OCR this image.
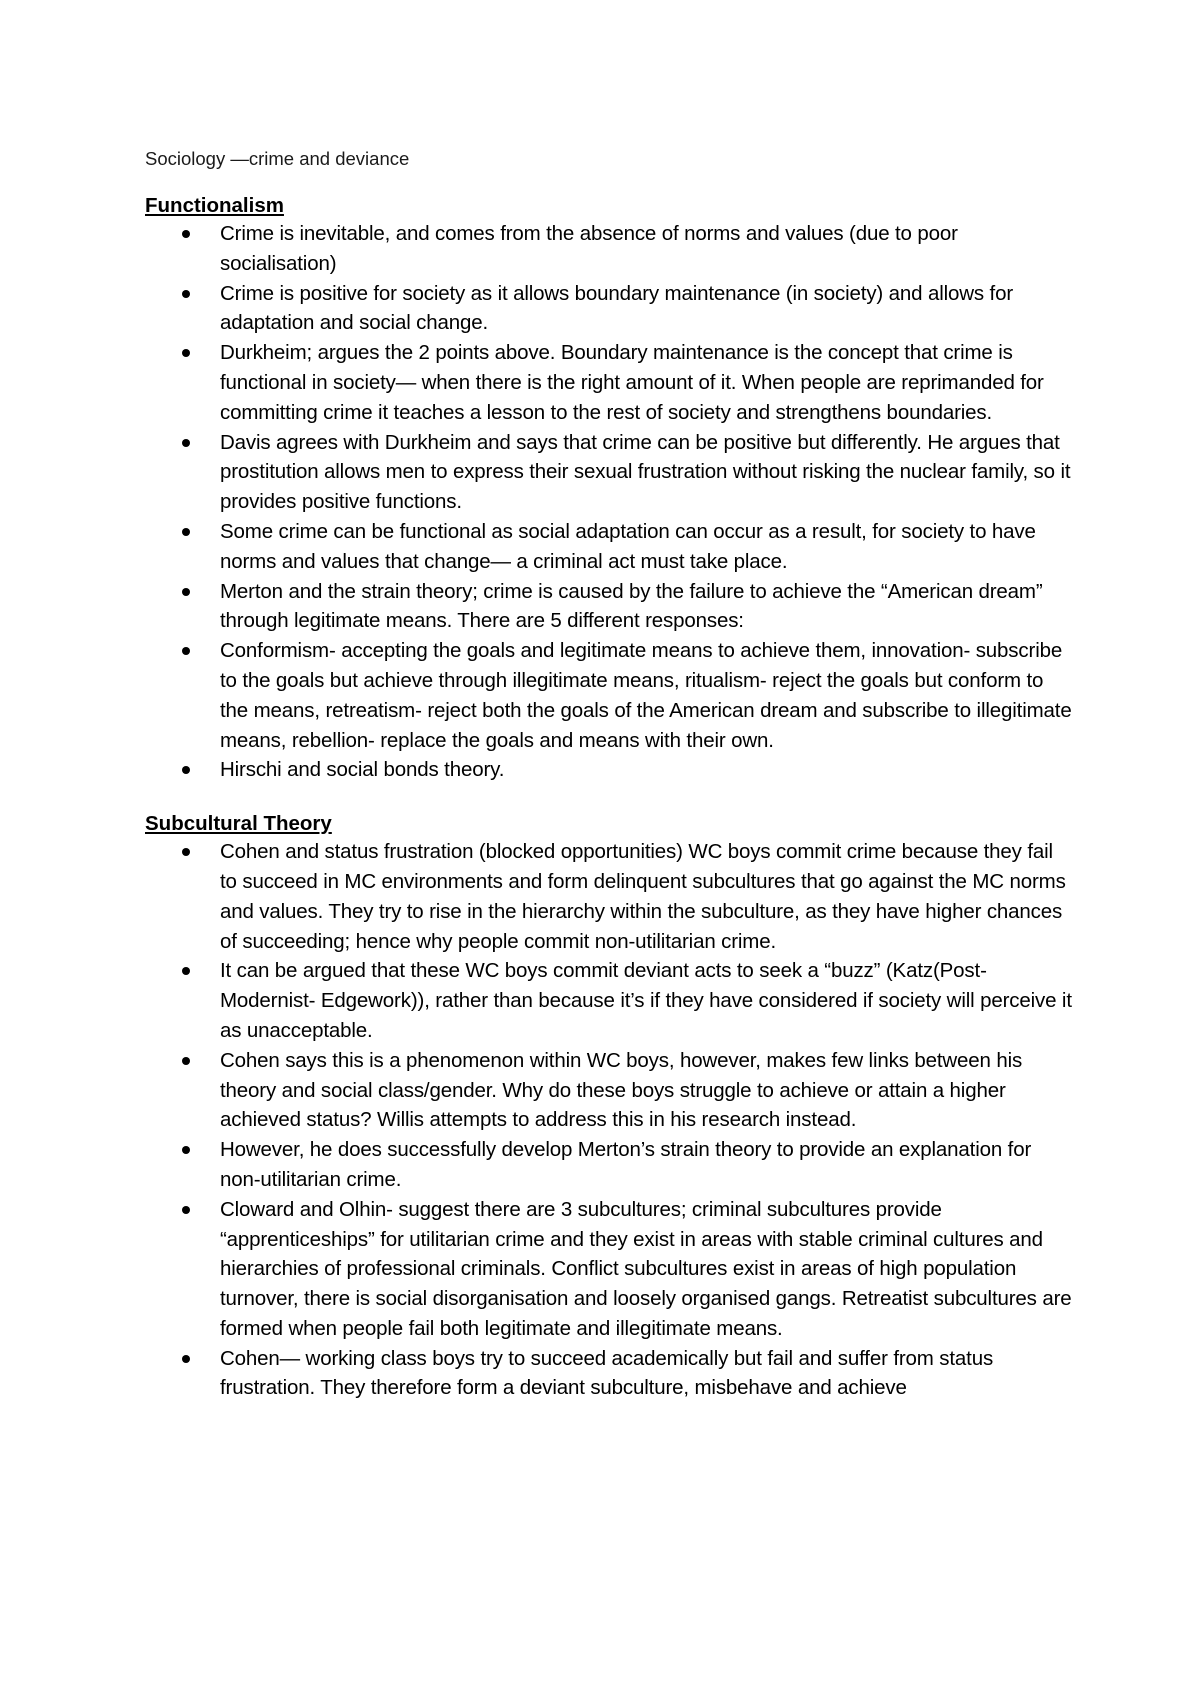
Sociology —crime and deviance
Functionalism
Crime is inevitable, and comes from the absence of norms and values (due to poor socialisation)
Crime is positive for society as it allows boundary maintenance (in society) and allows for adaptation and social change.
Durkheim; argues the 2 points above. Boundary maintenance is the concept that crime is functional in society— when there is the right amount of it. When people are reprimanded for committing crime it teaches a lesson to the rest of society and strengthens boundaries.
Davis agrees with Durkheim and says that crime can be positive but differently. He argues that prostitution allows men to express their sexual frustration without risking the nuclear family, so it provides positive functions.
Some crime can be functional as social adaptation can occur as a result, for society to have norms and values that change— a criminal act must take place.
Merton and the strain theory; crime is caused by the failure to achieve the “American dream” through legitimate means. There are 5 different responses:
Conformism- accepting the goals and legitimate means to achieve them, innovation- subscribe to the goals but achieve through illegitimate means, ritualism- reject the goals but conform to the means, retreatism- reject both the goals of the American dream and subscribe to illegitimate means, rebellion- replace the goals and means with their own.
Hirschi and social bonds theory.
Subcultural Theory
Cohen and status frustration (blocked opportunities) WC boys commit crime because they fail to succeed in MC environments and form delinquent subcultures that go against the MC norms and values. They try to rise in the hierarchy within the subculture, as they have higher chances of succeeding; hence why people commit non-utilitarian crime.
It can be argued that these WC boys commit deviant acts to seek a “buzz” (Katz(Post-Modernist- Edgework)), rather than because it’s if they have considered if society will perceive it as unacceptable.
Cohen says this is a phenomenon within WC boys, however, makes few links between his theory and social class/gender. Why do these boys struggle to achieve or attain a higher achieved status? Willis attempts to address this in his research instead.
However, he does successfully develop Merton’s strain theory to provide an explanation for non-utilitarian crime.
Cloward and Olhin- suggest there are 3 subcultures; criminal subcultures provide “apprenticeships” for utilitarian crime and they exist in areas with stable criminal cultures and hierarchies of professional criminals. Conflict subcultures exist in areas of high population turnover, there is social disorganisation and loosely organised gangs. Retreatist subcultures are formed when people fail both legitimate and illegitimate means.
Cohen— working class boys try to succeed academically but fail and suffer from status frustration. They therefore form a deviant subculture, misbehave and achieve
